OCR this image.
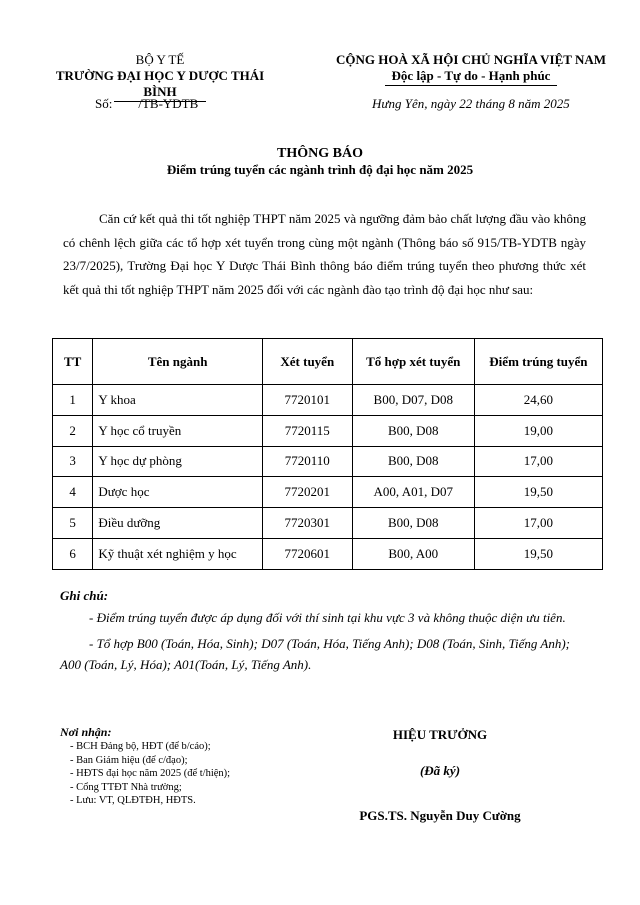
BỘ Y TẾ
TRƯỜNG ĐẠI HỌC Y DƯỢC THÁI BÌNH
CỘNG HOÀ XÃ HỘI CHỦ NGHĨA VIỆT NAM
Độc lập - Tự do - Hạnh phúc
Số: /TB-YDTB	Hưng Yên, ngày 22 tháng 8 năm 2025
THÔNG BÁO
Điểm trúng tuyển các ngành trình độ đại học năm 2025
Căn cứ kết quả thi tốt nghiệp THPT năm 2025 và ngưỡng đảm bảo chất lượng đầu vào không có chênh lệch giữa các tổ hợp xét tuyển trong cùng một ngành (Thông báo số 915/TB-YDTB ngày 23/7/2025), Trường Đại học Y Dược Thái Bình thông báo điểm trúng tuyển theo phương thức xét kết quả thi tốt nghiệp THPT năm 2025 đối với các ngành đào tạo trình độ đại học như sau:
TT	Tên ngành	Xét tuyển	Tổ hợp xét tuyển	Điểm trúng tuyển
1	Y khoa	7720101	B00, D07, D08	24,60
2	Y học cổ truyền	7720115	B00, D08	19,00
3	Y học dự phòng	7720110	B00, D08	17,00
4	Dược học	7720201	A00, A01, D07	19,50
5	Điều dưỡng	7720301	B00, D08	17,00
6	Kỹ thuật xét nghiệm y học	7720601	B00, A00	19,50
Ghi chú:
- Điểm trúng tuyển được áp dụng đối với thí sinh tại khu vực 3 và không thuộc diện ưu tiên.
- Tổ hợp B00 (Toán, Hóa, Sinh); D07 (Toán, Hóa, Tiếng Anh); D08 (Toán, Sinh, Tiếng Anh);
A00 (Toán, Lý, Hóa); A01(Toán, Lý, Tiếng Anh).
Nơi nhận:
- BCH Đảng bộ, HĐT (để b/cáo);
- Ban Giám hiệu (để c/đạo);
- HĐTS đại học năm 2025 (để t/hiện);
- Cổng TTĐT Nhà trường;
- Lưu: VT, QLĐTĐH, HĐTS.
HIỆU TRƯỞNG
(Đã ký)
PGS.TS. Nguyễn Duy Cường
